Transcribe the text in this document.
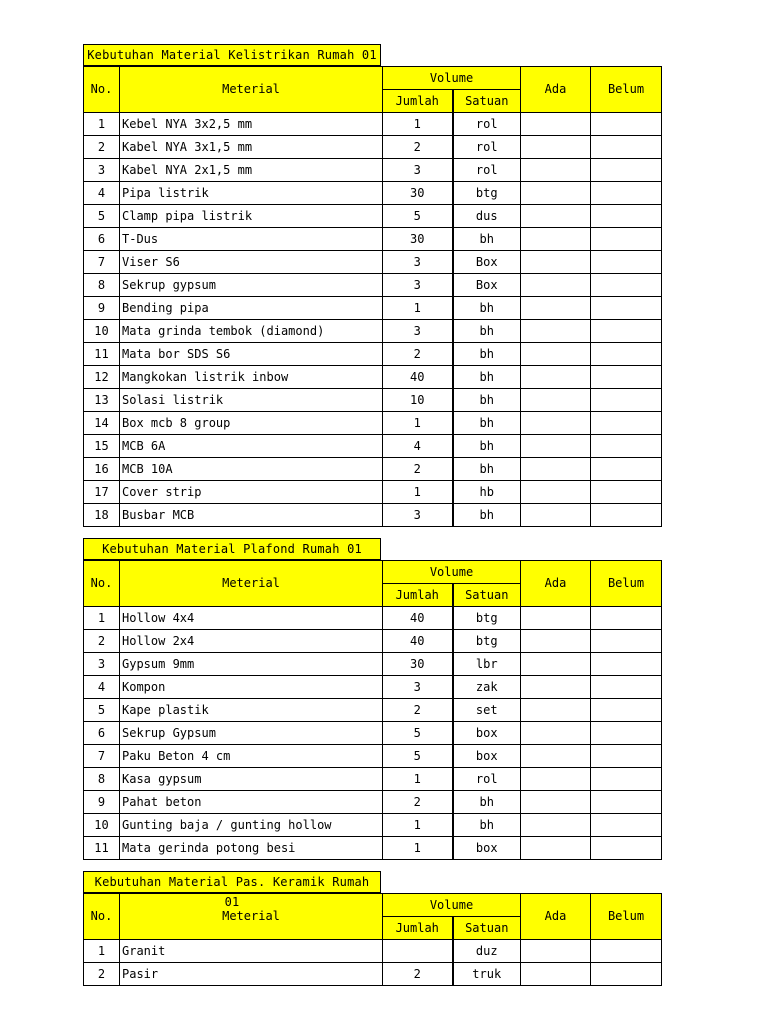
Kebutuhan Material Kelistrikan Rumah 01
No.	Meterial	Volume		Ada	Belum
		Jumlah	Satuan		
1	Kebel NYA 3x2,5 mm	1	rol		
2	Kabel NYA 3x1,5 mm	2	rol		
3	Kabel NYA 2x1,5 mm	3	rol		
4	Pipa listrik	30	btg		
5	Clamp pipa listrik	5	dus		
6	T-Dus	30	bh		
7	Viser S6	3	Box		
8	Sekrup gypsum	3	Box		
9	Bending pipa	1	bh		
10	Mata grinda tembok (diamond)	3	bh		
11	Mata bor SDS S6	2	bh		
12	Mangkokan listrik inbow	40	bh		
13	Solasi listrik	10	bh		
14	Box mcb 8 group	1	bh		
15	MCB 6A	4	bh		
16	MCB 10A	2	bh		
17	Cover strip	1	hb		
18	Busbar MCB	3	bh		
Kebutuhan Material Plafond Rumah 01
No.	Meterial	Volume		Ada	Belum
		Jumlah	Satuan		
1	Hollow 4x4	40	btg		
2	Hollow 2x4	40	btg		
3	Gypsum 9mm	30	lbr		
4	Kompon	3	zak		
5	Kape plastik	2	set		
6	Sekrup Gypsum	5	box		
7	Paku Beton 4 cm	5	box		
8	Kasa gypsum	1	rol		
9	Pahat beton	2	bh		
10	Gunting baja / gunting hollow	1	bh		
11	Mata gerinda potong besi	1	box		
Kebutuhan Material Pas. Keramik Rumah 01
No.	Meterial	Volume		Ada	Belum
		Jumlah	Satuan		
1	Granit		duz		
2	Pasir	2	truk		
